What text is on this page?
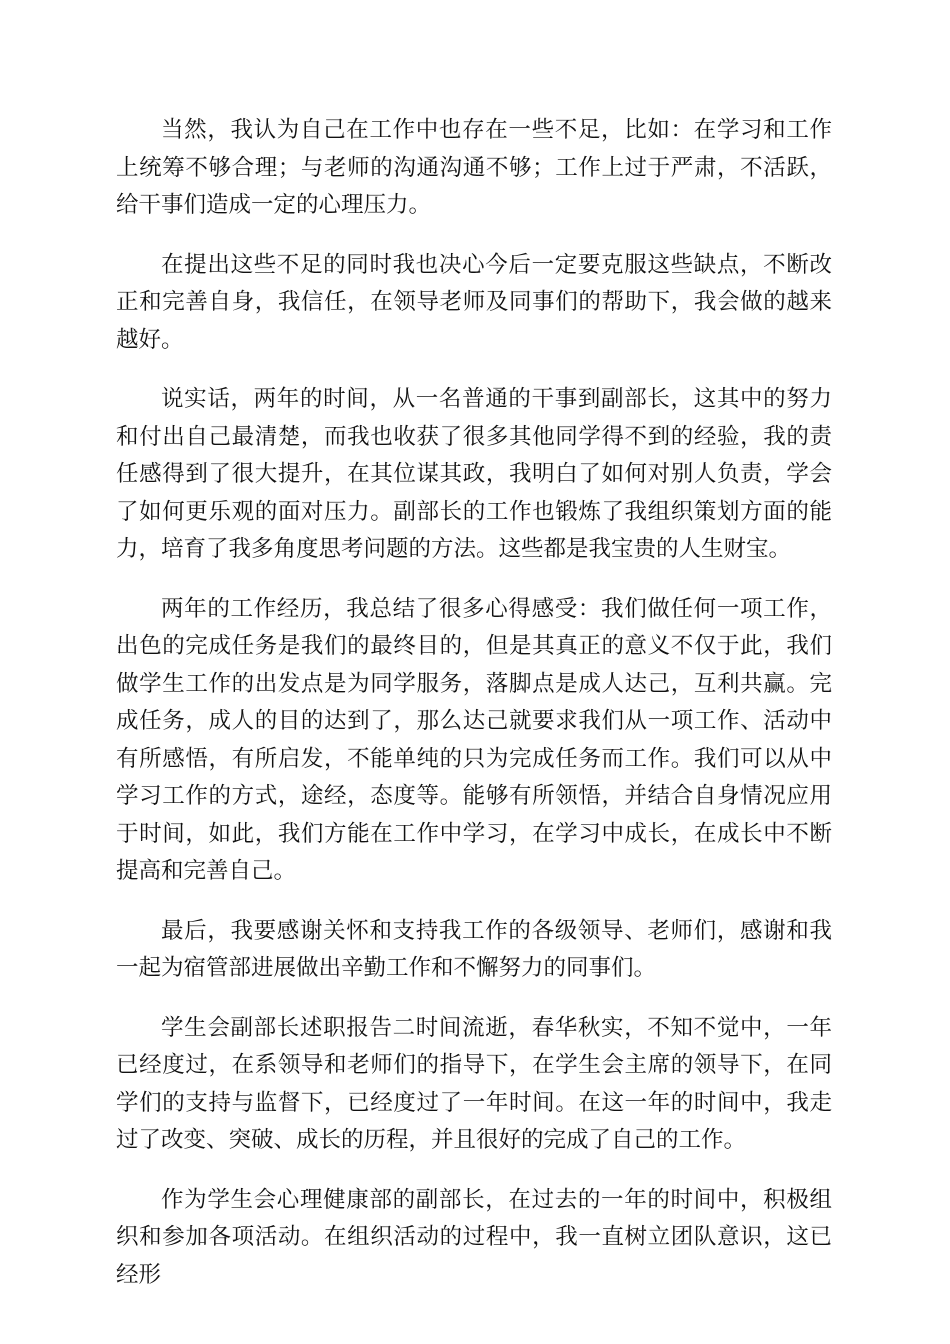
当然，我认为自己在工作中也存在一些不足，比如：在学习和工作上统筹不够合理；与老师的沟通沟通不够；工作上过于严肃，不活跃，给干事们造成一定的心理压力。

在提出这些不足的同时我也决心今后一定要克服这些缺点，不断改正和完善自身，我信任，在领导老师及同事们的帮助下，我会做的越来越好。

说实话，两年的时间，从一名普通的干事到副部长，这其中的努力和付出自己最清楚，而我也收获了很多其他同学得不到的经验，我的责任感得到了很大提升，在其位谋其政，我明白了如何对别人负责，学会了如何更乐观的面对压力。副部长的工作也锻炼了我组织策划方面的能力，培育了我多角度思考问题的方法。这些都是我宝贵的人生财宝。

两年的工作经历，我总结了很多心得感受：我们做任何一项工作，出色的完成任务是我们的最终目的，但是其真正的意义不仅于此，我们做学生工作的出发点是为同学服务，落脚点是成人达己，互利共赢。完成任务，成人的目的达到了，那么达己就要求我们从一项工作、活动中有所感悟，有所启发，不能单纯的只为完成任务而工作。我们可以从中学习工作的方式，途经，态度等。能够有所领悟，并结合自身情况应用于时间，如此，我们方能在工作中学习，在学习中成长，在成长中不断提高和完善自己。

最后，我要感谢关怀和支持我工作的各级领导、老师们，感谢和我一起为宿管部进展做出辛勤工作和不懈努力的同事们。

学生会副部长述职报告二时间流逝，春华秋实，不知不觉中，一年已经度过，在系领导和老师们的指导下，在学生会主席的领导下，在同学们的支持与监督下，已经度过了一年时间。在这一年的时间中，我走过了改变、突破、成长的历程，并且很好的完成了自己的工作。

作为学生会心理健康部的副部长，在过去的一年的时间中，积极组织和参加各项活动。在组织活动的过程中，我一直树立团队意识，这已经形
